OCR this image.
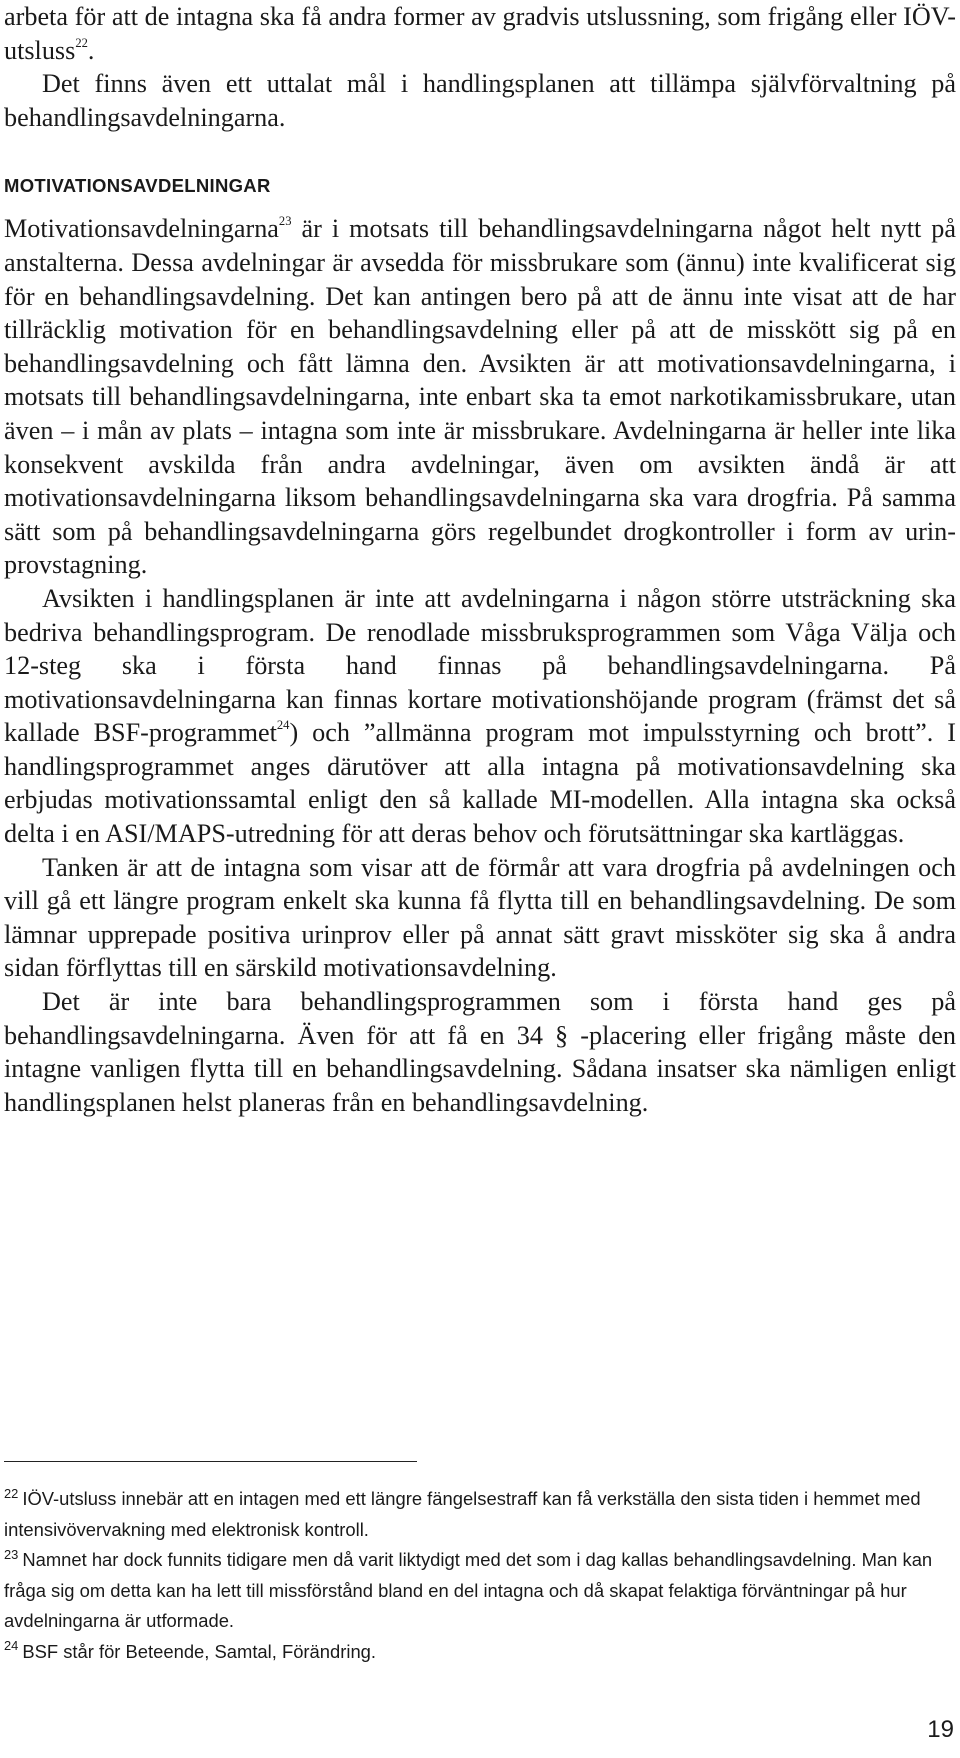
arbeta för att de intagna ska få andra former av gradvis utslussning, som frigång eller IÖV-utsluss$^{22}$.

Det finns även ett uttalat mål i handlingsplanen att tillämpa självförvaltning på behandlingsavdelningarna.

MOTIVATIONSAVDELNINGAR

Motivationsavdelningarna$^{23}$ är i motsats till behandlingsavdelningarna något helt nytt på anstalterna. Dessa avdelningar är avsedda för missbrukare som (ännu) inte kvalificerat sig för en behandlingsavdelning. Det kan antingen bero på att de ännu inte visat att de har tillräcklig motivation för en behandlingsavdelning eller på att de misskött sig på en behandlingsavdelning och fått lämna den. Avsikten är att motivationsavdelningarna, i motsats till behandlingsavdelningarna, inte enbart ska ta emot narkotikamissbrukare, utan även – i mån av plats – intagna som inte är missbrukare. Avdelningarna är heller inte lika konsekvent avskilda från andra avdelningar, även om avsikten ändå är att motivationsavdelningarna liksom behandlingsavdelningarna ska vara drogfria. På samma sätt som på behandlingsavdelningarna görs regelbundet drogkontroller i form av urinprovstagning.

Avsikten i handlingsplanen är inte att avdelningarna i någon större utsträckning ska bedriva behandlingsprogram. De renodlade missbruksprogrammen som Våga Välja och 12-steg ska i första hand finnas på behandlingsavdelningarna. På motivationsavdelningarna kan finnas kortare motivationshöjande program (främst det så kallade BSF-programmet$^{24}$) och ”allmänna program mot impulsstyrning och brott”. I handlingsprogrammet anges därutöver att alla intagna på motivationsavdelning ska erbjudas motivationssamtal enligt den så kallade MI-modellen. Alla intagna ska också delta i en ASI/MAPS-utredning för att deras behov och förutsättningar ska kartläggas.

Tanken är att de intagna som visar att de förmår att vara drogfria på avdelningen och vill gå ett längre program enkelt ska kunna få flytta till en behandlingsavdelning. De som lämnar upprepade positiva urinprov eller på annat sätt gravt missköter sig ska å andra sidan förflyttas till en särskild motivationsavdelning.

Det är inte bara behandlingsprogrammen som i första hand ges på behandlingsavdelningarna. Även för att få en 34 § -placering eller frigång måste den intagne vanligen flytta till en behandlingsavdelning. Sådana insatser ska nämligen enligt handlingsplanen helst planeras från en behandlingsavdelning.

$^{22}$ IÖV-utsluss innebär att en intagen med ett längre fängelsestraff kan få verkställa den sista tiden i hemmet med intensivövervakning med elektronisk kontroll.

$^{23}$ Namnet har dock funnits tidigare men då varit liktydigt med det som i dag kallas behandlingsavdelning. Man kan fråga sig om detta kan ha lett till missförstånd bland en del intagna och då skapat felaktiga förväntningar på hur avdelningarna är utformade.

$^{24}$ BSF står för Beteende, Samtal, Förändring.

19
